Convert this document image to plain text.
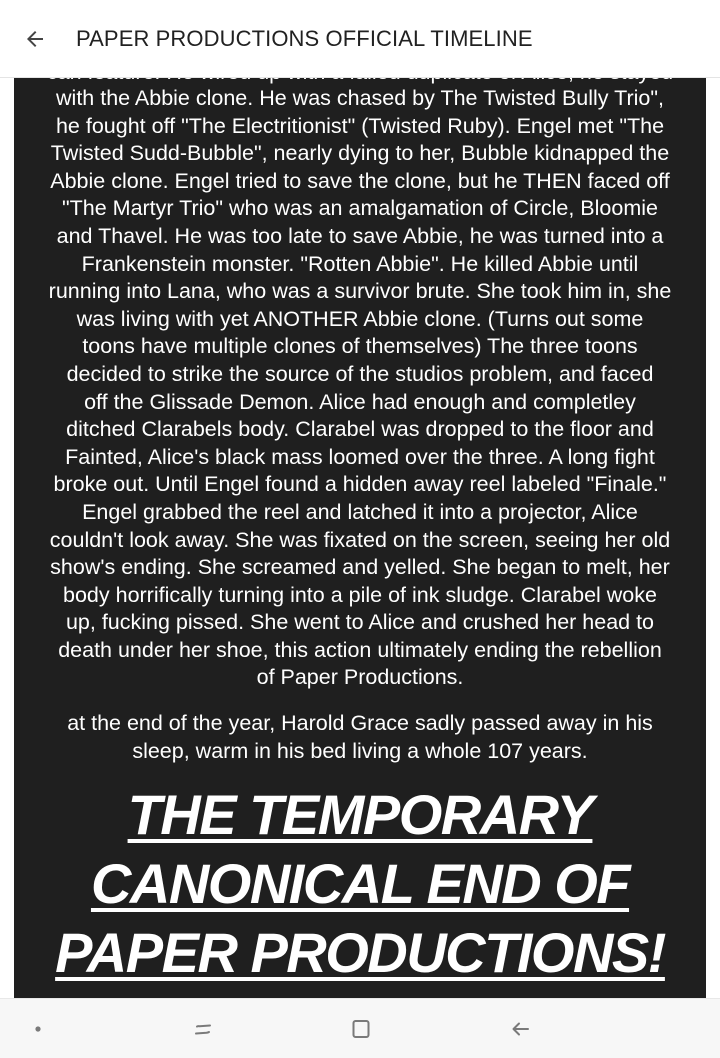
PAPER PRODUCTIONS OFFICIAL TIMELINE

with the Abbie clone. He was chased by The Twisted Bully Trio",
he fought off "The Electritionist" (Twisted Ruby). Engel met "The
Twisted Sudd-Bubble", nearly dying to her, Bubble kidnapped the
Abbie clone. Engel tried to save the clone, but he THEN faced off
"The Martyr Trio" who was an amalgamation of Circle, Bloomie
and Thavel. He was too late to save Abbie, he was turned into a
Frankenstein monster. "Rotten Abbie". He killed Abbie until
running into Lana, who was a survivor brute. She took him in, she
was living with yet ANOTHER Abbie clone. (Turns out some
toons have multiple clones of themselves) The three toons
decided to strike the source of the studios problem, and faced
off the Glissade Demon. Alice had enough and completley
ditched Clarabels body. Clarabel was dropped to the floor and
Fainted, Alice's black mass loomed over the three. A long fight
broke out. Until Engel found a hidden away reel labeled "Finale."
Engel grabbed the reel and latched it into a projector, Alice
couldn't look away. She was fixated on the screen, seeing her old
show's ending. She screamed and yelled. She began to melt, her
body horrifically turning into a pile of ink sludge. Clarabel woke
up, fucking pissed. She went to Alice and crushed her head to
death under her shoe, this action ultimately ending the rebellion
of Paper Productions.

at the end of the year, Harold Grace sadly passed away in his
sleep, warm in his bed living a whole 107 years.

THE TEMPORARY
CANONICAL END OF
PAPER PRODUCTIONS!
